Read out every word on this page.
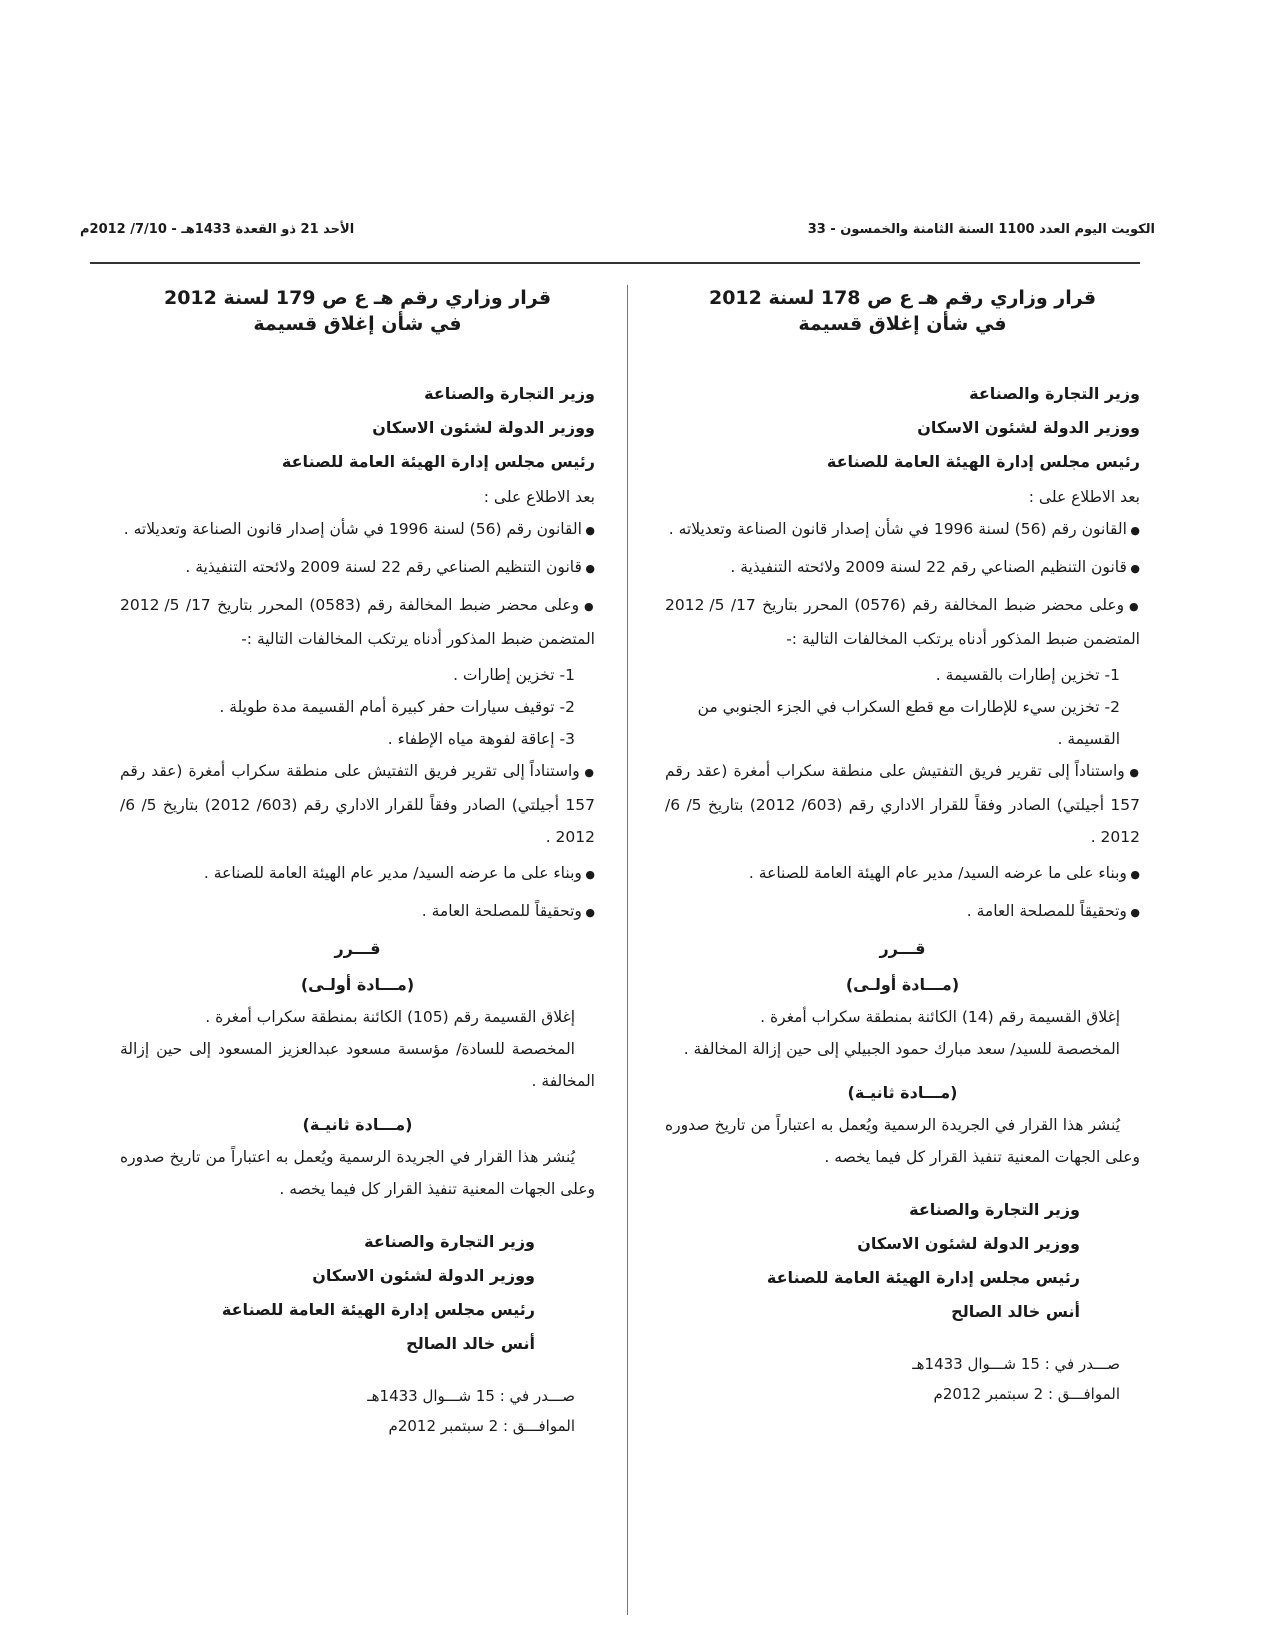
الكويت اليوم العدد 1100 السنة الثامنة والخمسون - 33
الأحد 21 ذو القعدة 1433هـ - 7/10/ 2012م
قرار وزاري رقم هـ ع ص 178 لسنة 2012
في شأن إغلاق قسيمة
وزير التجارة والصناعة
ووزير الدولة لشئون الاسكان
رئيس مجلس إدارة الهيئة العامة للصناعة
بعد الاطلاع على :
● القانون رقم (56) لسنة 1996 في شأن إصدار قانون الصناعة وتعديلاته .
● قانون التنظيم الصناعي رقم 22 لسنة 2009 ولائحته التنفيذية .
● وعلى محضر ضبط المخالفة رقم (0576) المحرر بتاريخ 17/ 5/ 2012 المتضمن ضبط المذكور أدناه يرتكب المخالفات التالية :-
1- تخزين إطارات بالقسيمة .
2- تخزين سيء للإطارات مع قطع السكراب في الجزء الجنوبي من القسيمة .
● واستناداً إلى تقرير فريق التفتيش على منطقة سكراب أمغرة (عقد رقم 157 أجيلتي) الصادر وفقاً للقرار الاداري رقم (603/ 2012) بتاريخ 5/ 6/ 2012 .
● وبناء على ما عرضه السيد/ مدير عام الهيئة العامة للصناعة .
● وتحقيقاً للمصلحة العامة .
قـــرر
(مـــادة أولـى)
إغلاق القسيمة رقم (14) الكائنة بمنطقة سكراب أمغرة .
المخصصة للسيد/ سعد مبارك حمود الجبيلي إلى حين إزالة المخالفة .
(مـــادة ثانيـة)
يُنشر هذا القرار في الجريدة الرسمية ويُعمل به اعتباراً من تاريخ صدوره وعلى الجهات المعنية تنفيذ القرار كل فيما يخصه .
وزير التجارة والصناعة
ووزير الدولة لشئون الاسكان
رئيس مجلس إدارة الهيئة العامة للصناعة
أنس خالد الصالح
صـــدر في : 15 شـــوال 1433هـ
الموافـــق : 2 سبتمبر 2012م
قرار وزاري رقم هـ ع ص 179 لسنة 2012
في شأن إغلاق قسيمة
وزير التجارة والصناعة
ووزير الدولة لشئون الاسكان
رئيس مجلس إدارة الهيئة العامة للصناعة
بعد الاطلاع على :
● القانون رقم (56) لسنة 1996 في شأن إصدار قانون الصناعة وتعديلاته .
● قانون التنظيم الصناعي رقم 22 لسنة 2009 ولائحته التنفيذية .
● وعلى محضر ضبط المخالفة رقم (0583) المحرر بتاريخ 17/ 5/ 2012 المتضمن ضبط المذكور أدناه يرتكب المخالفات التالية :-
1- تخزين إطارات .
2- توقيف سيارات حفر كبيرة أمام القسيمة مدة طويلة .
3- إعاقة لفوهة مياه الإطفاء .
● واستناداً إلى تقرير فريق التفتيش على منطقة سكراب أمغرة (عقد رقم 157 أجيلتي) الصادر وفقاً للقرار الاداري رقم (603/ 2012) بتاريخ 5/ 6/ 2012 .
● وبناء على ما عرضه السيد/ مدير عام الهيئة العامة للصناعة .
● وتحقيقاً للمصلحة العامة .
قـــرر
(مـــادة أولـى)
إغلاق القسيمة رقم (105) الكائنة بمنطقة سكراب أمغرة .
المخصصة للسادة/ مؤسسة مسعود عبدالعزيز المسعود إلى حين إزالة المخالفة .
(مـــادة ثانيـة)
يُنشر هذا القرار في الجريدة الرسمية ويُعمل به اعتباراً من تاريخ صدوره وعلى الجهات المعنية تنفيذ القرار كل فيما يخصه .
وزير التجارة والصناعة
ووزير الدولة لشئون الاسكان
رئيس مجلس إدارة الهيئة العامة للصناعة
أنس خالد الصالح
صـــدر في : 15 شـــوال 1433هـ
الموافـــق : 2 سبتمبر 2012م
